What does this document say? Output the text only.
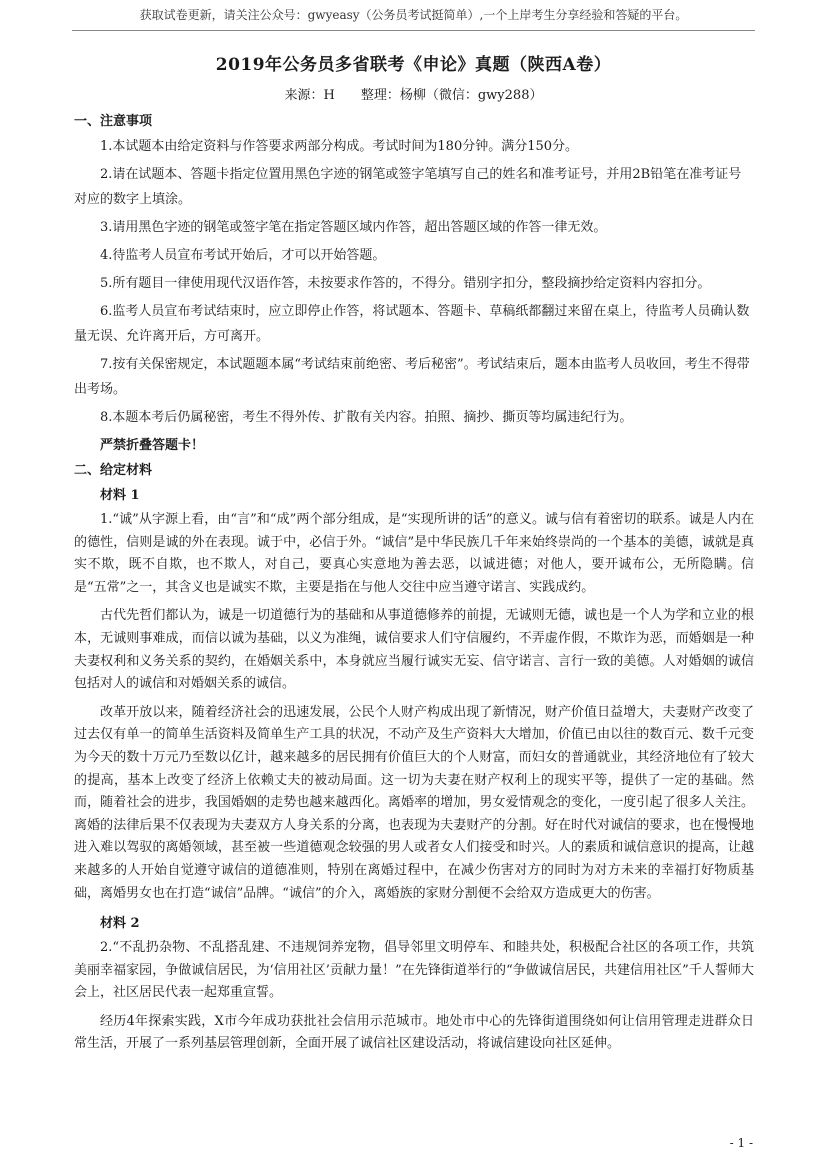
获取试卷更新，请关注公众号：gwyeasy（公务员考试挺简单）,一个上岸考生分享经验和答疑的平台。
2019年公务员多省联考《申论》真题（陕西A卷）
来源：H　　整理：杨柳（微信：gwy288）

一、注意事项

1.本试题本由给定资料与作答要求两部分构成。考试时间为180分钟。满分150分。

2.请在试题本、答题卡指定位置用黑色字迹的钢笔或签字笔填写自己的姓名和准考证号，并用2B铅笔在准考证号对应的数字上填涂。

3.请用黑色字迹的钢笔或签字笔在指定答题区域内作答，超出答题区域的作答一律无效。

4.待监考人员宣布考试开始后，才可以开始答题。

5.所有题目一律使用现代汉语作答，未按要求作答的，不得分。错别字扣分，整段摘抄给定资料内容扣分。

6.监考人员宣布考试结束时，应立即停止作答，将试题本、答题卡、草稿纸都翻过来留在桌上，待监考人员确认数量无误、允许离开后，方可离开。

7.按有关保密规定，本试题题本属“考试结束前绝密、考后秘密”。考试结束后，题本由监考人员收回，考生不得带出考场。

8.本题本考后仍属秘密，考生不得外传、扩散有关内容。拍照、摘抄、撕页等均属违纪行为。

严禁折叠答题卡！

二、给定材料

材料 1

1.“诚”从字源上看，由“言”和“成”两个部分组成，是“实现所讲的话”的意义。诚与信有着密切的联系。诚是人内在的德性，信则是诚的外在表现。诚于中，必信于外。“诚信”是中华民族几千年来始终崇尚的一个基本的美德，诚就是真实不欺，既不自欺，也不欺人，对自己，要真心实意地为善去恶，以诚进德；对他人，要开诚布公，无所隐瞒。信是“五常”之一，其含义也是诚实不欺，主要是指在与他人交往中应当遵守诺言、实践成约。

古代先哲们都认为，诚是一切道德行为的基础和从事道德修养的前提，无诚则无德，诚也是一个人为学和立业的根本，无诚则事难成，而信以诚为基础，以义为准绳，诚信要求人们守信履约，不弄虚作假，不欺诈为恶，而婚姻是一种夫妻权利和义务关系的契约，在婚姻关系中，本身就应当履行诚实无妄、信守诺言、言行一致的美德。人对婚姻的诚信包括对人的诚信和对婚姻关系的诚信。

改革开放以来，随着经济社会的迅速发展，公民个人财产构成出现了新情况，财产价值日益增大，夫妻财产改变了过去仅有单一的简单生活资料及简单生产工具的状况，不动产及生产资料大大增加，价值已由以往的数百元、数千元变为今天的数十万元乃至数以亿计，越来越多的居民拥有价值巨大的个人财富，而妇女的普通就业，其经济地位有了较大的提高，基本上改变了经济上依赖丈夫的被动局面。这一切为夫妻在财产权利上的现实平等，提供了一定的基础。然而，随着社会的进步，我国婚姻的走势也越来越西化。离婚率的增加，男女爱情观念的变化，一度引起了很多人关注。离婚的法律后果不仅表现为夫妻双方人身关系的分离，也表现为夫妻财产的分割。好在时代对诚信的要求，也在慢慢地进入难以驾驭的离婚领域，甚至被一些道德观念较强的男人或者女人们接受和时兴。人的素质和诚信意识的提高，让越来越多的人开始自觉遵守诚信的道德准则，特别在离婚过程中，在减少伤害对方的同时为对方未来的幸福打好物质基础，离婚男女也在打造“诚信”品牌。“诚信”的介入，离婚族的家财分割便不会给双方造成更大的伤害。

材料 2

2.“不乱扔杂物、不乱搭乱建、不违规饲养宠物，倡导邻里文明停车、和睦共处，积极配合社区的各项工作，共筑美丽幸福家园，争做诚信居民，为‘信用社区’贡献力量！”在先锋街道举行的“争做诚信居民，共建信用社区”千人誓师大会上，社区居民代表一起郑重宣誓。

经历4年探索实践，X市今年成功获批社会信用示范城市。地处市中心的先锋街道围绕如何让信用管理走进群众日常生活，开展了一系列基层管理创新，全面开展了诚信社区建设活动，将诚信建设向社区延伸。

- 1 -
